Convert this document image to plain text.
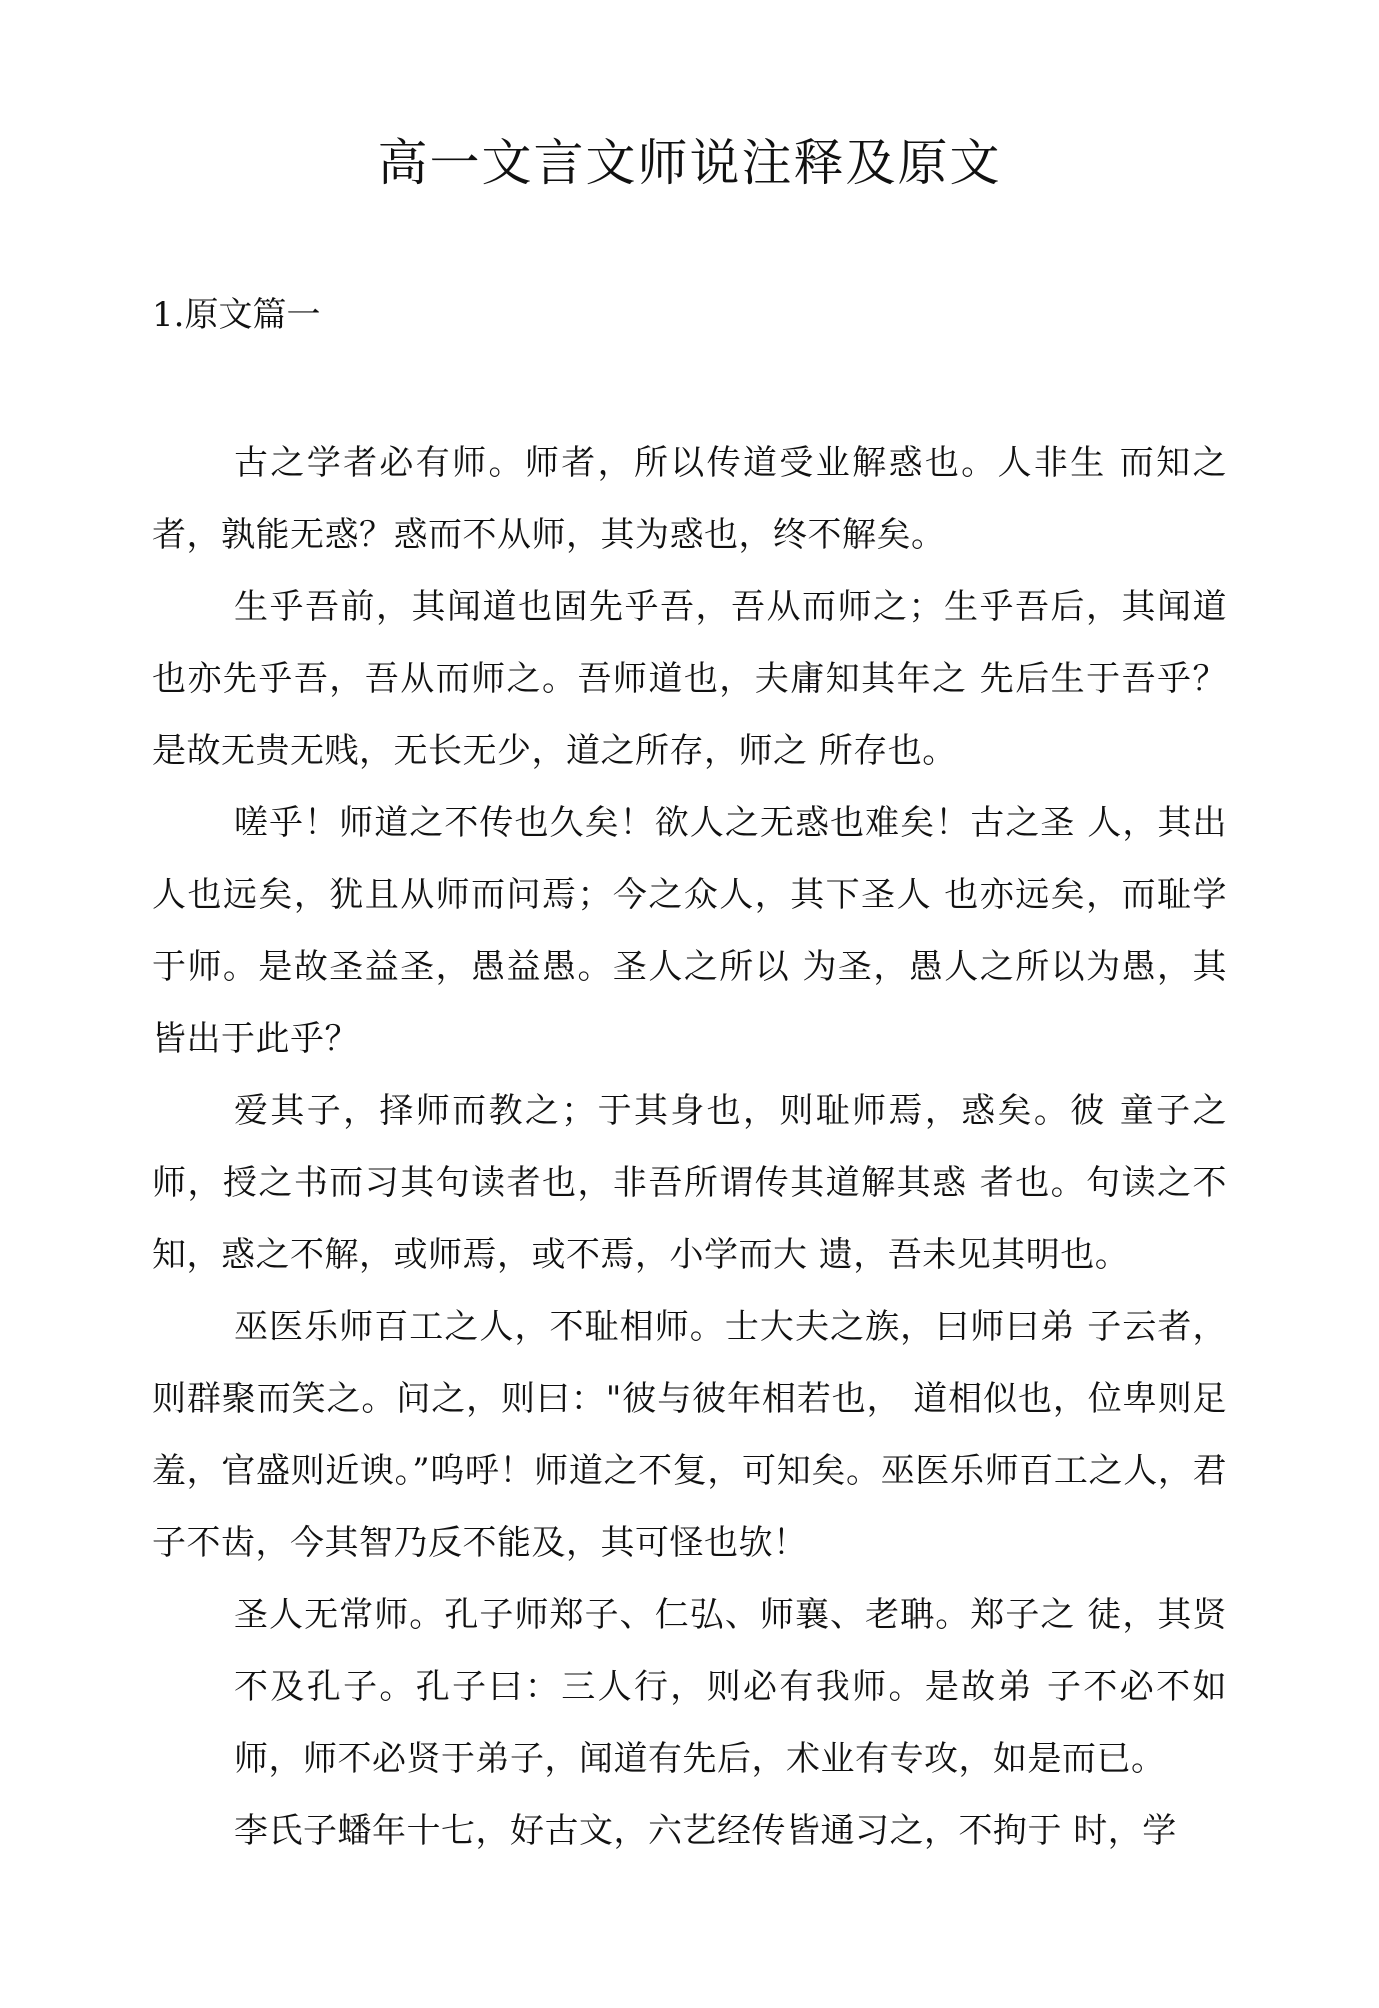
高一文言文师说注释及原文
1.原文篇一

古之学者必有师。师者，所以传道受业解惑也。人非生 而知之者，孰能无惑？惑而不从师，其为惑也，终不解矣。

生乎吾前，其闻道也固先乎吾，吾从而师之；生乎吾后，其闻道也亦先乎吾，吾从而师之。吾师道也，夫庸知其年之 先后生于吾乎？是故无贵无贱，无长无少，道之所存，师之 所存也。

嗟乎！师道之不传也久矣！欲人之无惑也难矣！古之圣 人，其出人也远矣，犹且从师而问焉；今之众人，其下圣人 也亦远矣，而耻学于师。是故圣益圣，愚益愚。圣人之所以 为圣，愚人之所以为愚，其皆出于此乎？

爱其子，择师而教之；于其身也，则耻师焉，惑矣。彼 童子之师，授之书而习其句读者也，非吾所谓传其道解其惑 者也。句读之不知，惑之不解，或师焉，或不焉，小学而大 遗，吾未见其明也。

巫医乐师百工之人，不耻相师。士大夫之族，曰师曰弟 子云者，则群聚而笑之。问之，则曰："彼与彼年相若也， 道相似也，位卑则足羞，官盛则近谀。”呜呼！师道之不复，可知矣。巫医乐师百工之人，君子不齿，今其智乃反不能及，其可怪也欤！

圣人无常师。孔子师郑子、仁弘、师襄、老聃。郑子之 徒，其贤不及孔子。孔子曰：三人行，则必有我师。是故弟 子不必不如师，师不必贤于弟子，闻道有先后，术业有专攻，如是而已。

李氏子蟠年十七，好古文，六艺经传皆通习之，不拘于 时，学
